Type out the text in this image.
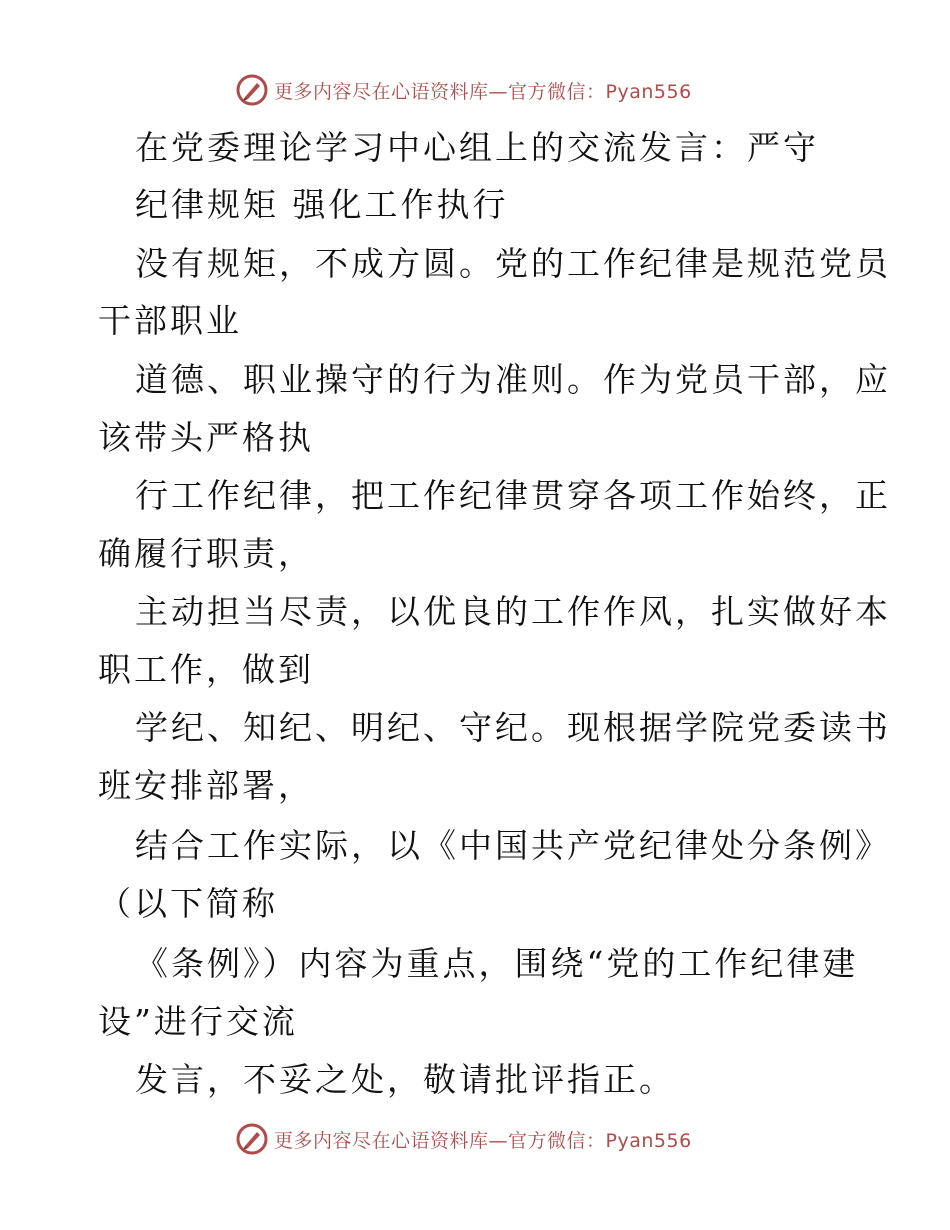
更多内容尽在心语资料库—官方微信：Pyan556
在党委理论学习中心组上的交流发言：严守
纪律规矩 强化工作执行
没有规矩，不成方圆。党的工作纪律是规范党员
干部职业
道德、职业操守的行为准则。作为党员干部，应
该带头严格执
行工作纪律，把工作纪律贯穿各项工作始终，正
确履行职责，
主动担当尽责，以优良的工作作风，扎实做好本
职工作，做到
学纪、知纪、明纪、守纪。现根据学院党委读书
班安排部署，
结合工作实际，以《中国共产党纪律处分条例》
（以下简称
《条例》）内容为重点，围绕“党的工作纪律建
设”进行交流
发言，不妥之处，敬请批评指正。
更多内容尽在心语资料库—官方微信：Pyan556
